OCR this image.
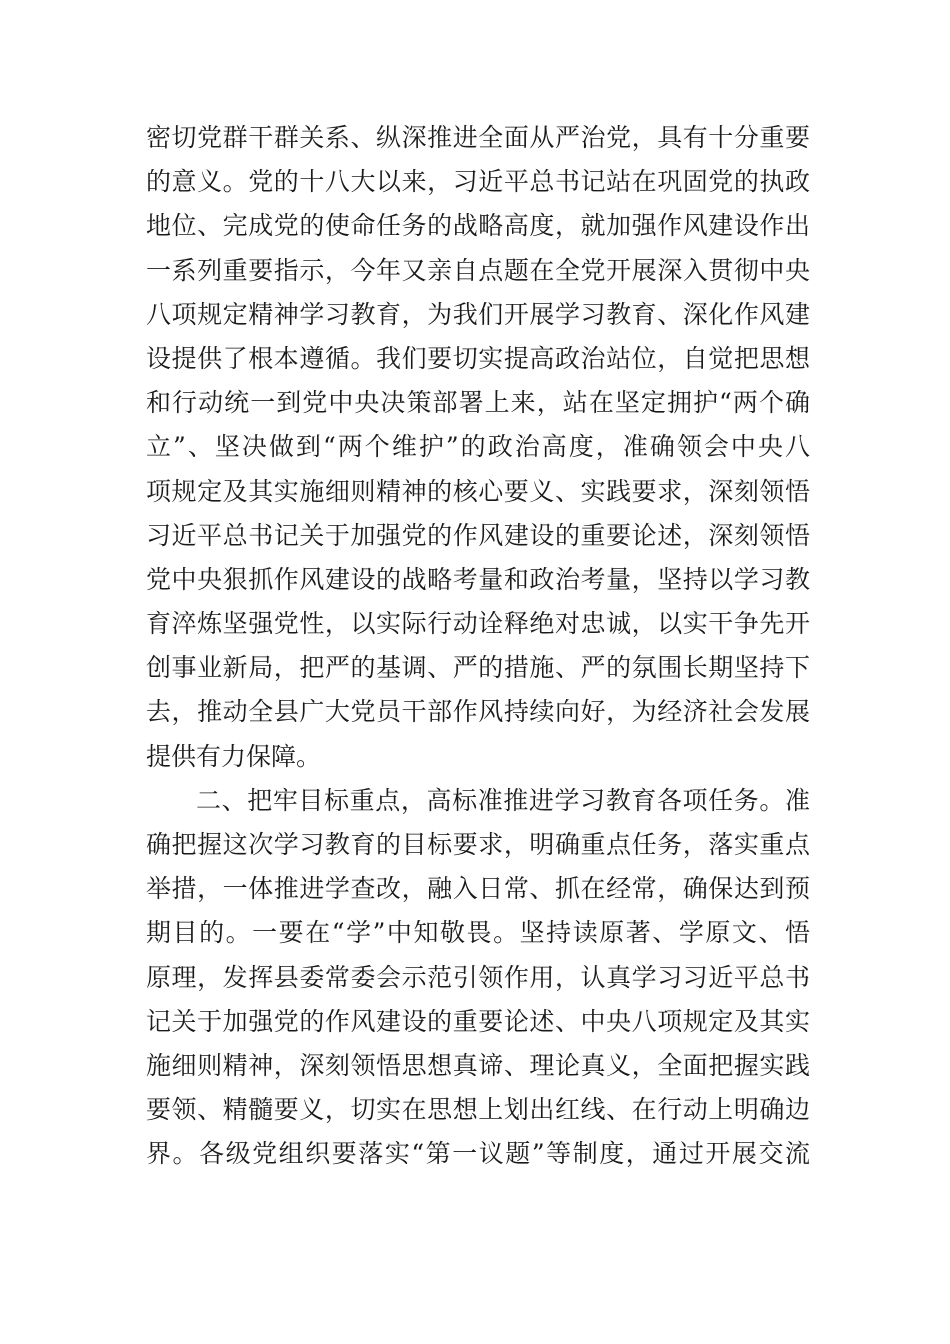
密切党群干群关系、纵深推进全面从严治党，具有十分重要
的意义。党的十八大以来，习近平总书记站在巩固党的执政
地位、完成党的使命任务的战略高度，就加强作风建设作出
一系列重要指示，今年又亲自点题在全党开展深入贯彻中央
八项规定精神学习教育，为我们开展学习教育、深化作风建
设提供了根本遵循。我们要切实提高政治站位，自觉把思想
和行动统一到党中央决策部署上来，站在坚定拥护“两个确
立”、坚决做到“两个维护”的政治高度，准确领会中央八
项规定及其实施细则精神的核心要义、实践要求，深刻领悟
习近平总书记关于加强党的作风建设的重要论述，深刻领悟
党中央狠抓作风建设的战略考量和政治考量，坚持以学习教
育淬炼坚强党性，以实际行动诠释绝对忠诚，以实干争先开
创事业新局，把严的基调、严的措施、严的氛围长期坚持下
去，推动全县广大党员干部作风持续向好，为经济社会发展
提供有力保障。
二、把牢目标重点，高标准推进学习教育各项任务。准
确把握这次学习教育的目标要求，明确重点任务，落实重点
举措，一体推进学查改，融入日常、抓在经常，确保达到预
期目的。一要在“学”中知敬畏。坚持读原著、学原文、悟
原理，发挥县委常委会示范引领作用，认真学习习近平总书
记关于加强党的作风建设的重要论述、中央八项规定及其实
施细则精神，深刻领悟思想真谛、理论真义，全面把握实践
要领、精髓要义，切实在思想上划出红线、在行动上明确边
界。各级党组织要落实“第一议题”等制度，通过开展交流
